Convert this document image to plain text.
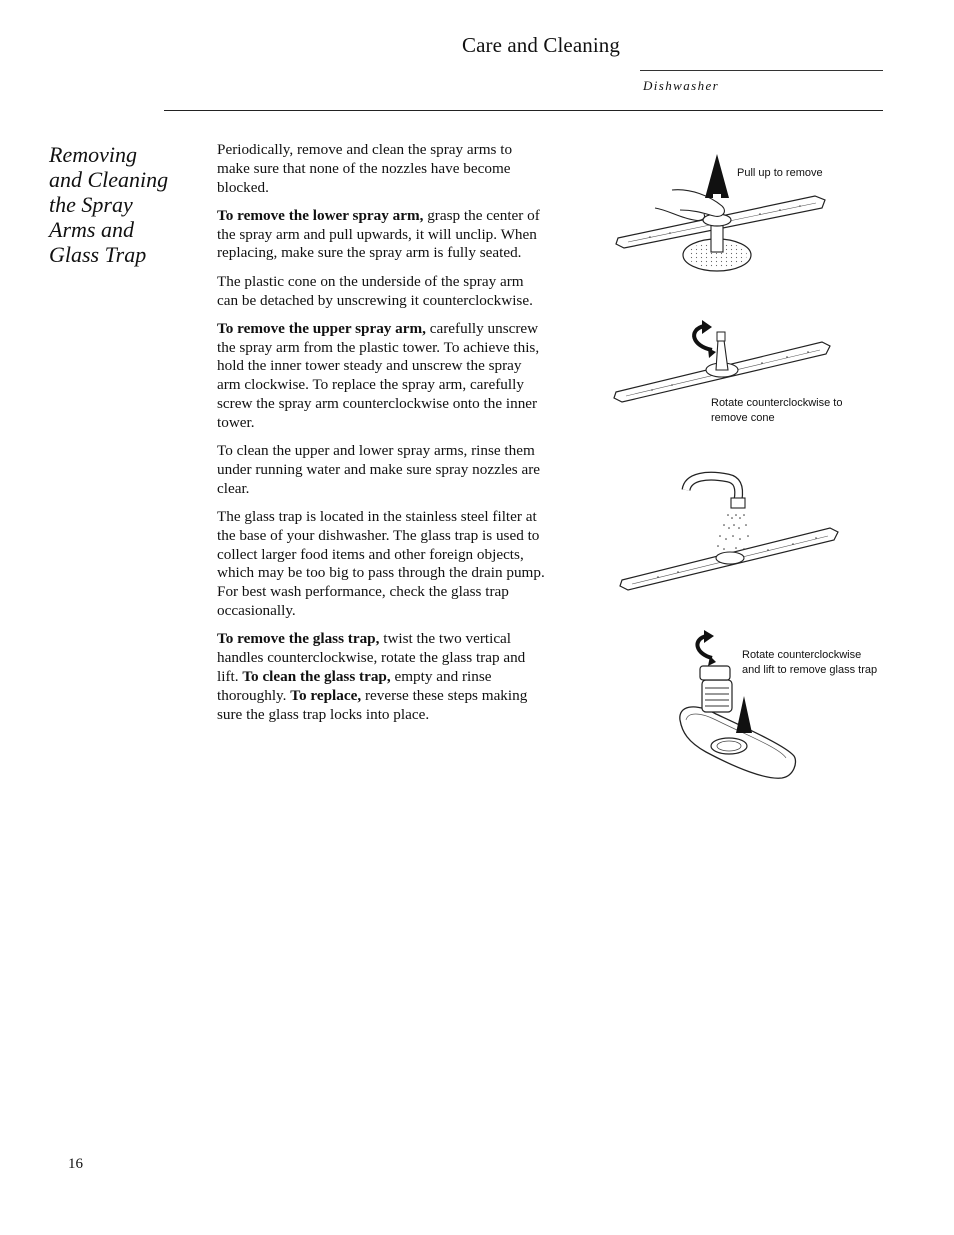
Care and Cleaning
Dishwasher
Removing
and Cleaning
the Spray
Arms and
Glass Trap

Periodically, remove and clean the spray arms to make sure that none of the nozzles have become blocked.

To remove the lower spray arm, grasp the center of the spray arm and pull upwards, it will unclip. When replacing, make sure the spray arm is fully seated.

The plastic cone on the underside of the spray arm can be detached by unscrewing it counterclockwise.

To remove the upper spray arm, carefully unscrew the spray arm from the plastic tower. To achieve this, hold the inner tower steady and unscrew the spray arm clockwise. To replace the spray arm, carefully screw the spray arm counterclockwise onto the inner tower.

To clean the upper and lower spray arms, rinse them under running water and make sure spray nozzles are clear.

The glass trap is located in the stainless steel filter at the base of your dishwasher. The glass trap is used to collect larger food items and other foreign objects, which may be too big to pass through the drain pump. For best wash performance, check the glass trap occasionally.

To remove the glass trap, twist the two vertical handles counterclockwise, rotate the glass trap and lift. To clean the glass trap, empty and rinse thoroughly. To replace, reverse these steps making sure the glass trap locks into place.

Pull up to remove
Rotate counterclockwise to
remove cone
Rotate counterclockwise
and lift to remove glass trap
16
